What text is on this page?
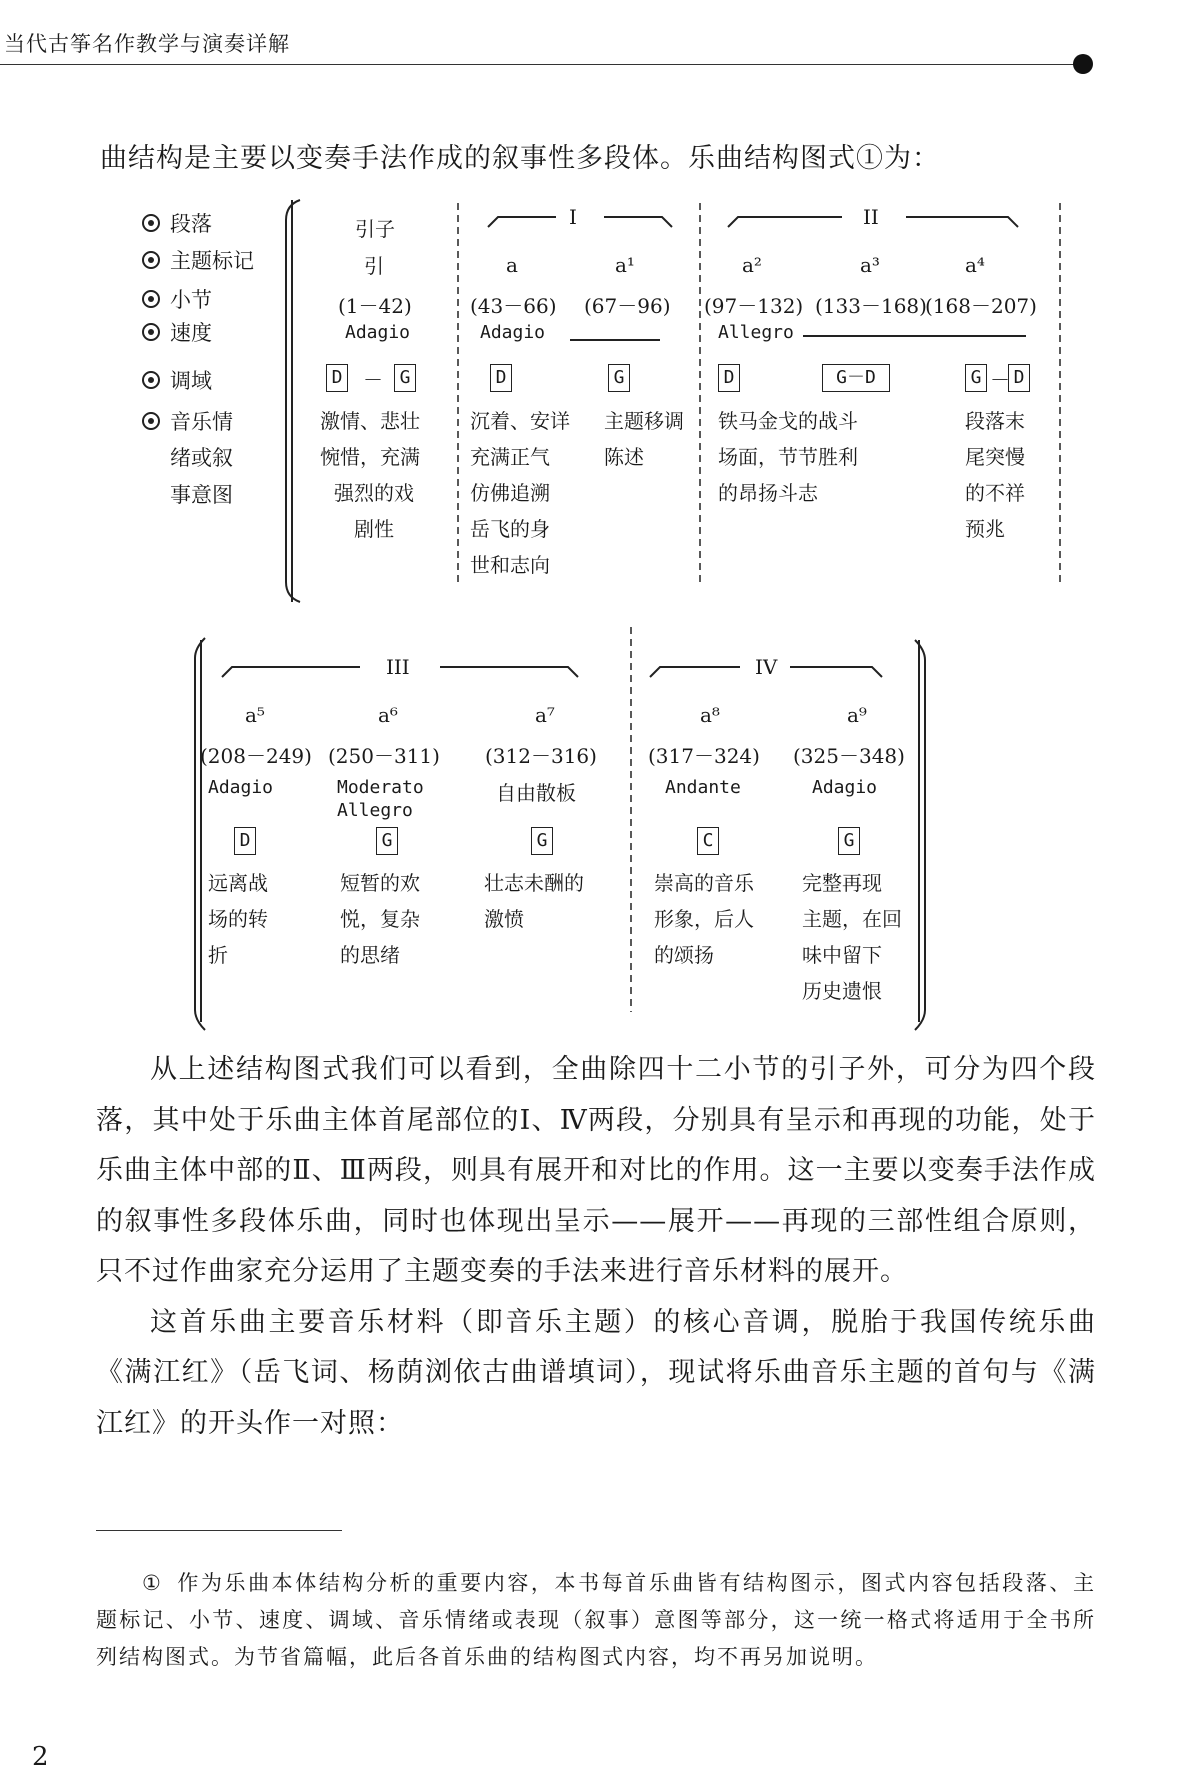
当代古筝名作教学与演奏详解
曲结构是主要以变奏手法作成的叙事性多段体。乐曲结构图式①为：
段落
主题标记
小节
速度
调域
音乐情
绪或叙
事意图
引子
引
(1－42)
Adagio
D － G
激情、悲壮
惋惜，充满
强烈的戏
剧性
I	II
a
(43－66)
Adagio
D
沉着、安详
充满正气
仿佛追溯
岳飞的身
世和志向
a¹
(67－96)
G
主题移调
陈述
a²
(97－132)
Allegro
D
铁马金戈的战斗
场面，节节胜利
的昂扬斗志
a³
(133－168)
G－D
a⁴
(168－207)
G － D
段落末
尾突慢
的不祥
预兆
III	IV
a⁵
(208－249)
Adagio
D
远离战
场的转
折
a⁶
(250－311)
Moderato
Allegro
G
短暂的欢
悦，复杂
的思绪
a⁷
(312－316)
自由散板
G
壮志未酬的
激愤
a⁸
(317－324)
Andante
C
崇高的音乐
形象，后人
的颂扬
a⁹
(325－348)
Adagio
G
完整再现
主题，在回
味中留下
历史遗恨

从上述结构图式我们可以看到，全曲除四十二小节的引子外，可分为四个段落，其中处于乐曲主体首尾部位的Ⅰ、Ⅳ两段，分别具有呈示和再现的功能，处于乐曲主体中部的Ⅱ、Ⅲ两段，则具有展开和对比的作用。这一主要以变奏手法作成的叙事性多段体乐曲，同时也体现出呈示——展开——再现的三部性组合原则，只不过作曲家充分运用了主题变奏的手法来进行音乐材料的展开。

这首乐曲主要音乐材料（即音乐主题）的核心音调，脱胎于我国传统乐曲《满江红》（岳飞词、杨荫浏依古曲谱填词），现试将乐曲音乐主题的首句与《满江红》的开头作一对照：

① 作为乐曲本体结构分析的重要内容，本书每首乐曲皆有结构图示，图式内容包括段落、主题标记、小节、速度、调域、音乐情绪或表现（叙事）意图等部分，这一统一格式将适用于全书所列结构图式。为节省篇幅，此后各首乐曲的结构图式内容，均不再另加说明。
2
